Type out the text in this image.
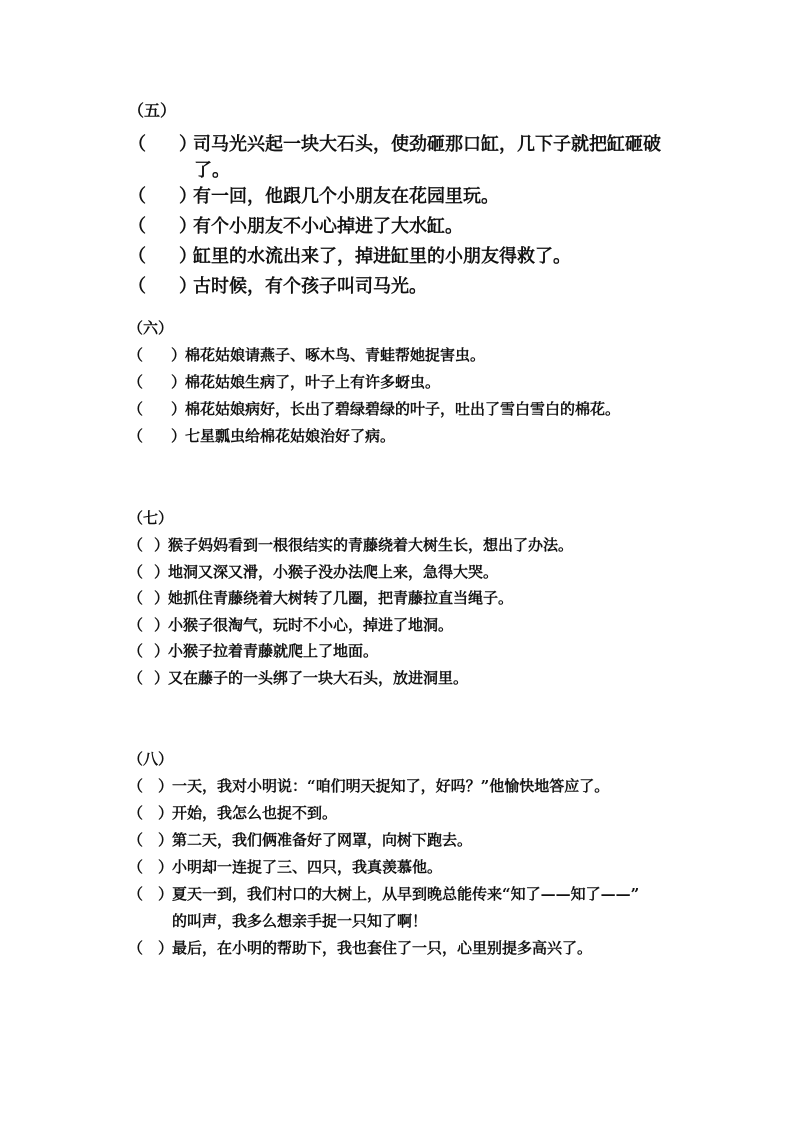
（五）
（ ）
司马光兴起一块大石头，使劲砸那口缸，几下子就把缸砸破
了。
（ ）
有一回，他跟几个小朋友在花园里玩。
（ ）
有个小朋友不小心掉进了大水缸。
（ ）
缸里的水流出来了，掉进缸里的小朋友得救了。
（ ）
古时候，有个孩子叫司马光。
（六）
（ ）
棉花姑娘请燕子、啄木鸟、青蛙帮她捉害虫。
（ ）
棉花姑娘生病了，叶子上有许多蚜虫。
（ ）
棉花姑娘病好，长出了碧绿碧绿的叶子，吐出了雪白雪白的棉花。
（ ）
七星瓢虫给棉花姑娘治好了病。
（七）
（ ）
猴子妈妈看到一根很结实的青藤绕着大树生长，想出了办法。
（ ）
地洞又深又滑，小猴子没办法爬上来，急得大哭。
（ ）
她抓住青藤绕着大树转了几圈，把青藤拉直当绳子。
（ ）
小猴子很淘气，玩时不小心，掉进了地洞。
（ ）
小猴子拉着青藤就爬上了地面。
（ ）
又在藤子的一头绑了一块大石头，放进洞里。
（八）
（ ）
一天，我对小明说：“咱们明天捉知了，好吗？”他愉快地答应了。
（ ）
开始，我怎么也捉不到。
（ ）
第二天，我们俩准备好了网罩，向树下跑去。
（ ）
小明却一连捉了三、四只，我真羡慕他。
（ ）
夏天一到，我们村口的大树上，从早到晚总能传来“知了——知了——”
的叫声，我多么想亲手捉一只知了啊！
（ ）
最后，在小明的帮助下，我也套住了一只，心里别提多高兴了。
